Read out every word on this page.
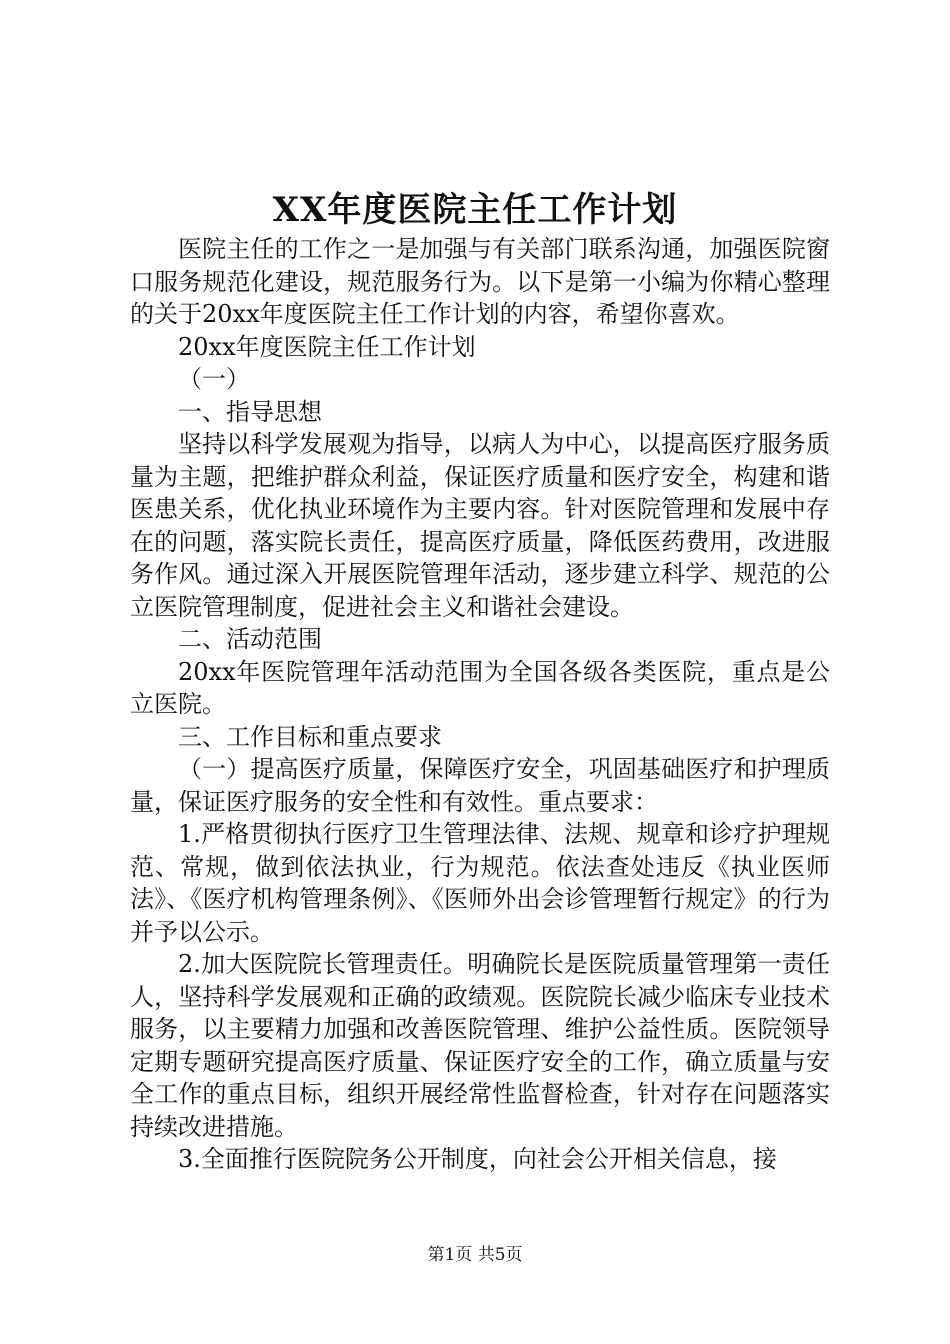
XX年度医院主任工作计划

医院主任的工作之一是加强与有关部门联系沟通，加强医院窗口服务规范化建设，规范服务行为。以下是第一小编为你精心整理的关于20xx年度医院主任工作计划的内容，希望你喜欢。

20xx年度医院主任工作计划

（一）

一、指导思想

坚持以科学发展观为指导，以病人为中心，以提高医疗服务质量为主题，把维护群众利益，保证医疗质量和医疗安全，构建和谐医患关系，优化执业环境作为主要内容。针对医院管理和发展中存在的问题，落实院长责任，提高医疗质量，降低医药费用，改进服务作风。通过深入开展医院管理年活动，逐步建立科学、规范的公立医院管理制度，促进社会主义和谐社会建设。

二、活动范围

20xx年医院管理年活动范围为全国各级各类医院，重点是公立医院。

三、工作目标和重点要求

（一）提高医疗质量，保障医疗安全，巩固基础医疗和护理质量，保证医疗服务的安全性和有效性。重点要求：

1.严格贯彻执行医疗卫生管理法律、法规、规章和诊疗护理规范、常规，做到依法执业，行为规范。依法查处违反《执业医师法》、《医疗机构管理条例》、《医师外出会诊管理暂行规定》的行为并予以公示。

2.加大医院院长管理责任。明确院长是医院质量管理第一责任人，坚持科学发展观和正确的政绩观。医院院长减少临床专业技术服务，以主要精力加强和改善医院管理、维护公益性质。医院领导定期专题研究提高医疗质量、保证医疗安全的工作，确立质量与安全工作的重点目标，组织开展经常性监督检查，针对存在问题落实持续改进措施。

3.全面推行医院院务公开制度，向社会公开相关信息，接

第1页 共5页
